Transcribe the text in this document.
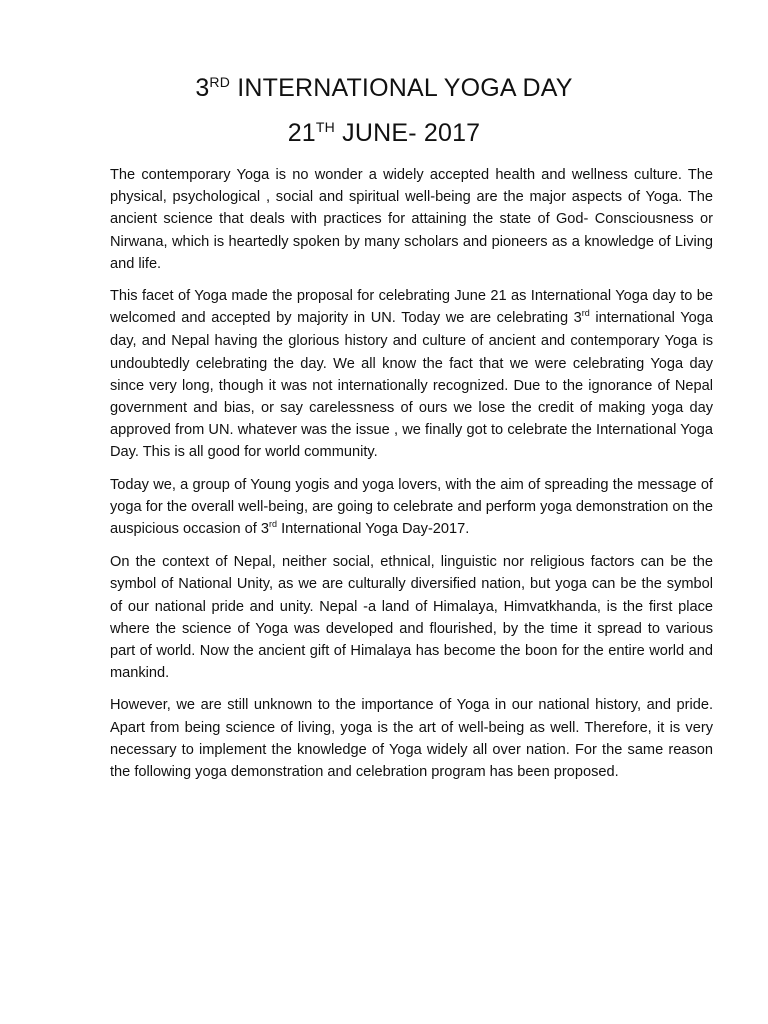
3RD INTERNATIONAL YOGA DAY
21TH JUNE- 2017

The contemporary Yoga is no wonder a widely accepted health and wellness culture. The physical, psychological , social and spiritual well-being are the major aspects of Yoga. The ancient science that deals with practices for attaining the state of God- Consciousness or Nirwana, which is heartedly spoken by many scholars and pioneers as a knowledge of Living and life.

This facet of Yoga made the proposal for celebrating June 21 as International Yoga day to be welcomed and accepted by majority in UN. Today we are celebrating 3rd international Yoga day, and Nepal having the glorious history and culture of ancient and contemporary Yoga is undoubtedly celebrating the day. We all know the fact that we were celebrating Yoga day since very long, though it was not internationally recognized. Due to the ignorance of Nepal government and bias, or say carelessness of ours we lose the credit of making yoga day approved from UN. whatever was the issue , we finally got to celebrate the International Yoga Day. This is all good for world community.

Today we, a group of Young yogis and yoga lovers, with the aim of spreading the message of yoga for the overall well-being, are going to celebrate and perform yoga demonstration on the auspicious occasion of 3rd International Yoga Day-2017.

On the context of Nepal, neither social, ethnical, linguistic nor religious factors can be the symbol of National Unity, as we are culturally diversified nation, but yoga can be the symbol of our national pride and unity. Nepal -a land of Himalaya, Himvatkhanda, is the first place where the science of Yoga was developed and flourished, by the time it spread to various part of world. Now the ancient gift of Himalaya has become the boon for the entire world and mankind.

However, we are still unknown to the importance of Yoga in our national history, and pride. Apart from being science of living, yoga is the art of well-being as well. Therefore, it is very necessary to implement the knowledge of Yoga widely all over nation. For the same reason the following yoga demonstration and celebration program has been proposed.
